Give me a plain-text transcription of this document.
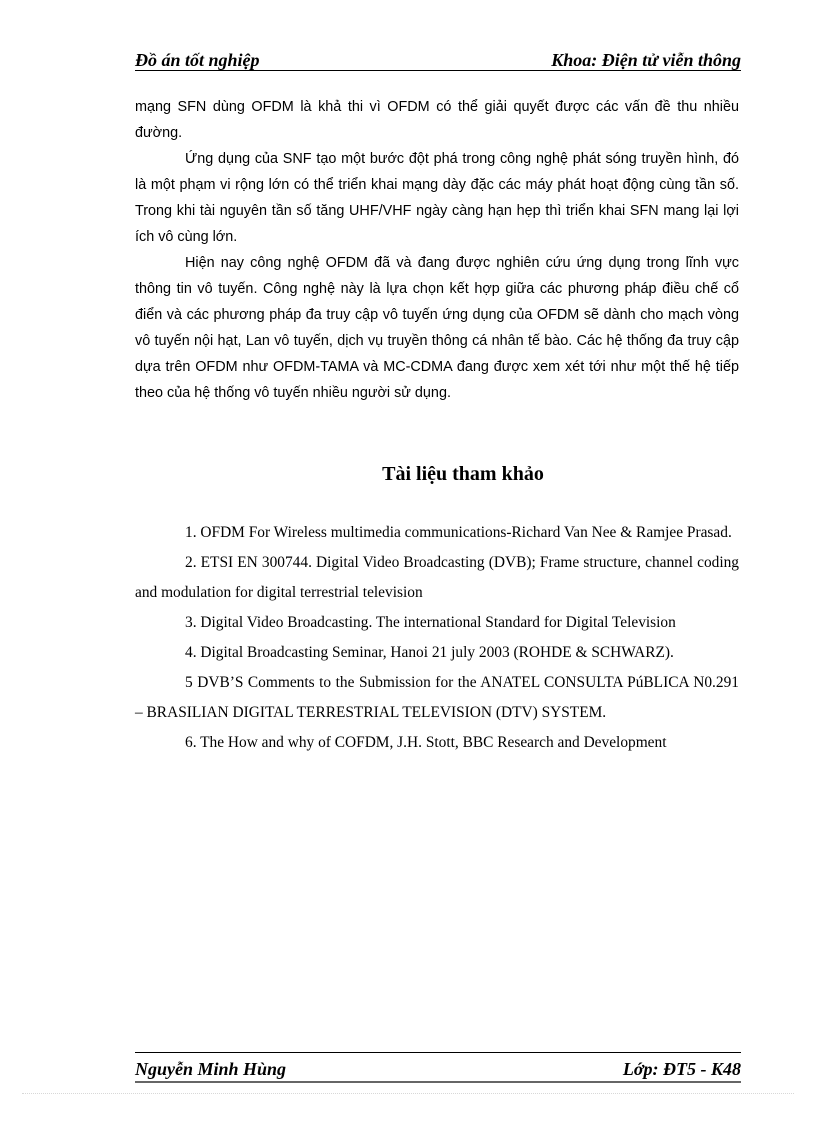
Đồ án tốt nghiệp	Khoa: Điện tử viễn thông

mạng SFN dùng OFDM là khả thi vì OFDM có thể giải quyết được các vấn đề thu nhiều đường.

Ứng dụng của SNF tạo một bước đột phá trong công nghệ phát sóng truyền hình, đó là một phạm vi rộng lớn có thể triển khai mạng dày đặc các máy phát hoạt động cùng tần số. Trong khi tài nguyên tần số tăng UHF/VHF ngày càng hạn hẹp thì triển khai SFN mang lại lợi ích vô cùng lớn.

Hiện nay công nghệ OFDM đã và đang được nghiên cứu ứng dụng trong lĩnh vực thông tin vô tuyến. Công nghệ này là lựa chọn kết hợp giữa các phương pháp điều chế cổ điển và các phương pháp đa truy cập vô tuyến ứng dụng của OFDM sẽ dành cho mạch vòng vô tuyến nội hạt, Lan vô tuyến, dịch vụ truyền thông cá nhân tế bào. Các hệ thống đa truy cập dựa trên OFDM như OFDM-TAMA và MC-CDMA đang được xem xét tới như một thế hệ tiếp theo của hệ thống vô tuyến nhiều người sử dụng.

Tài liệu tham khảo

1. OFDM For Wireless multimedia communications-Richard Van Nee & Ramjee Prasad.

2. ETSI EN 300744. Digital Video Broadcasting (DVB); Frame structure, channel coding and modulation for digital terrestrial television

3. Digital Video Broadcasting. The international Standard for Digital Television

4. Digital Broadcasting Seminar, Hanoi 21 july 2003 (ROHDE & SCHWARZ).

5 DVB’S Comments to the Submission for the ANATEL CONSULTA PúBLICA N0.291 – BRASILIAN DIGITAL TERRESTRIAL TELEVISION (DTV) SYSTEM.

6. The How and why of COFDM, J.H. Stott, BBC Research and Development

Nguyễn Minh Hùng	Lớp: ĐT5 - K48
